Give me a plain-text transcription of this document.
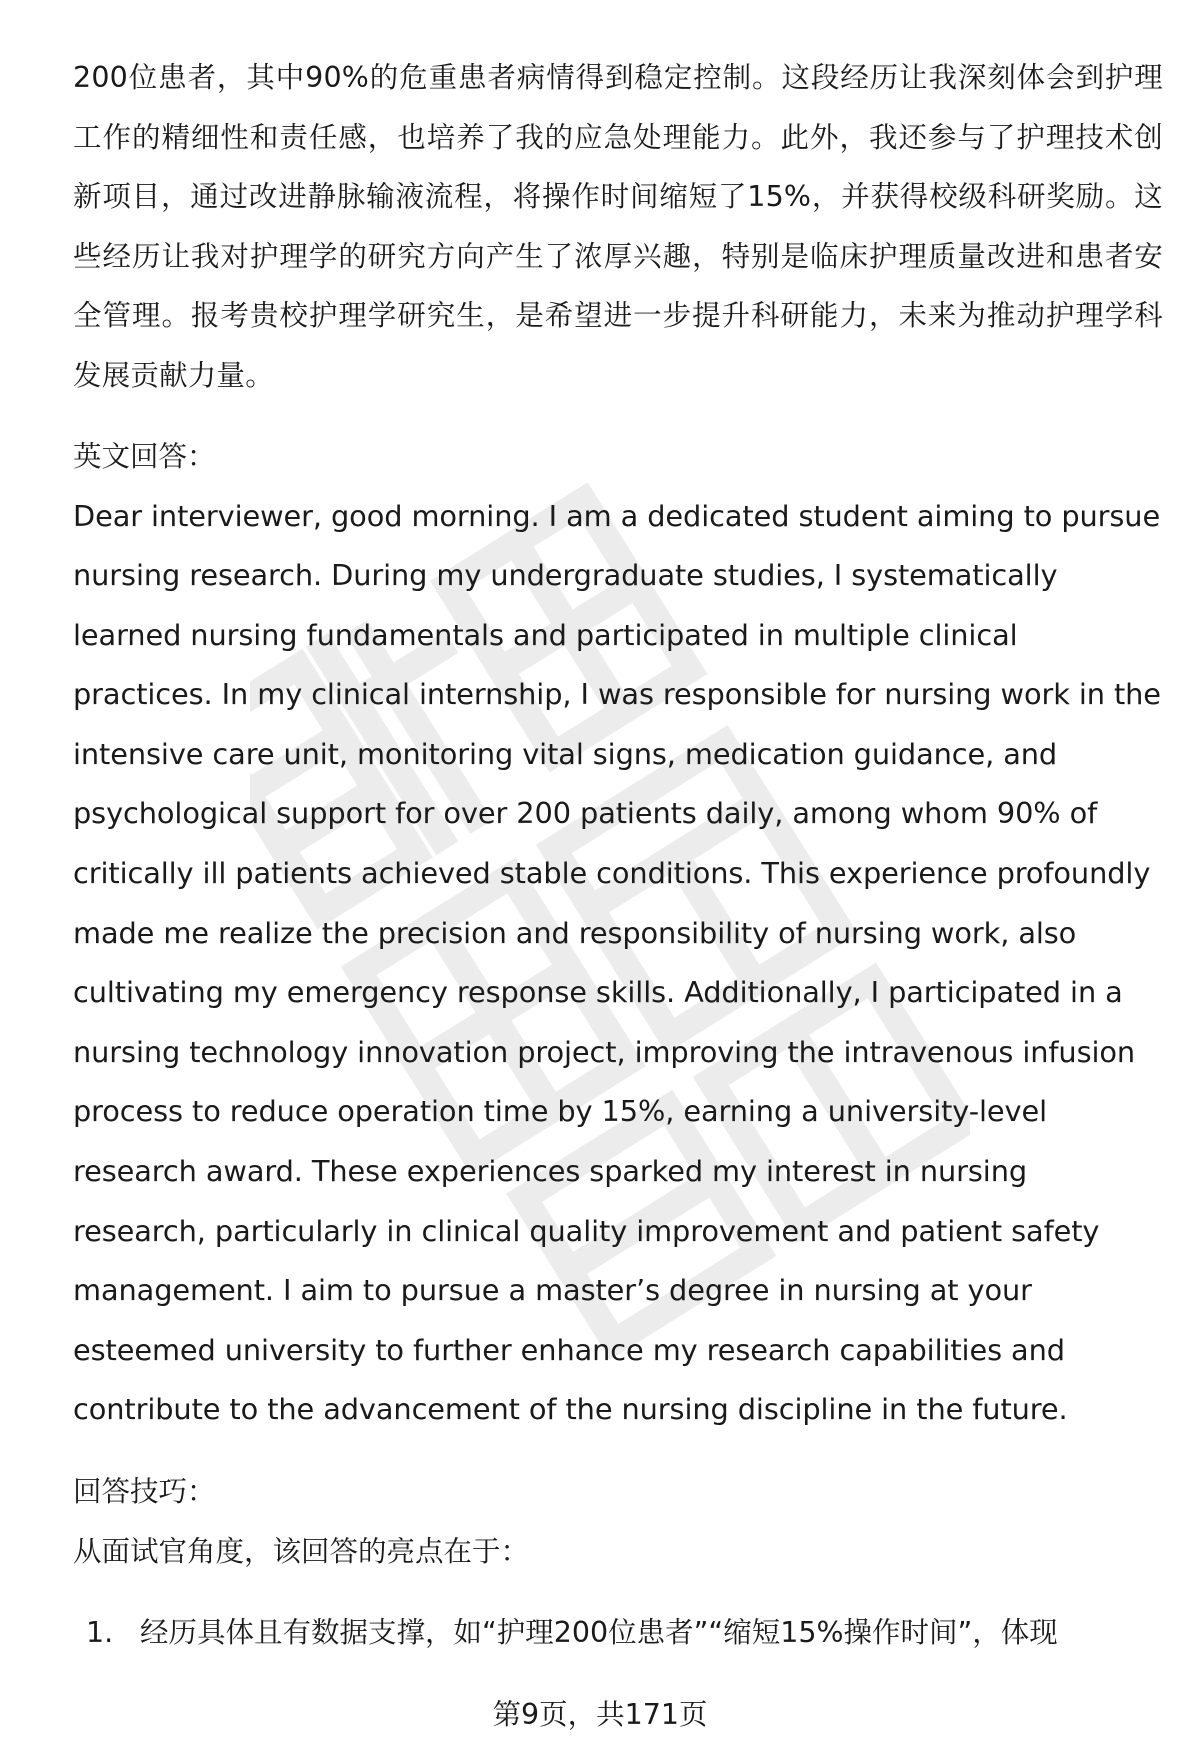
200位患者，其中90%的危重患者病情得到稳定控制。这段经历让我深刻体会到护理工作的精细性和责任感，也培养了我的应急处理能力。此外，我还参与了护理技术创新项目，通过改进静脉输液流程，将操作时间缩短了15%，并获得校级科研奖励。这些经历让我对护理学的研究方向产生了浓厚兴趣，特别是临床护理质量改进和患者安全管理。报考贵校护理学研究生，是希望进一步提升科研能力，未来为推动护理学科发展贡献力量。

英文回答：

Dear interviewer, good morning. I am a dedicated student aiming to pursue nursing research. During my undergraduate studies, I systematically learned nursing fundamentals and participated in multiple clinical practices. In my clinical internship, I was responsible for nursing work in the intensive care unit, monitoring vital signs, medication guidance, and psychological support for over 200 patients daily, among whom 90% of critically ill patients achieved stable conditions. This experience profoundly made me realize the precision and responsibility of nursing work, also cultivating my emergency response skills. Additionally, I participated in a nursing technology innovation project, improving the intravenous infusion process to reduce operation time by 15%, earning a university-level research award. These experiences sparked my interest in nursing research, particularly in clinical quality improvement and patient safety management. I aim to pursue a master’s degree in nursing at your esteemed university to further enhance my research capabilities and contribute to the advancement of the nursing discipline in the future.

回答技巧：

从面试官角度，该回答的亮点在于：

1. 经历具体且有数据支撑，如“护理200位患者”“缩短15%操作时间”，体现
第9页，共171页
